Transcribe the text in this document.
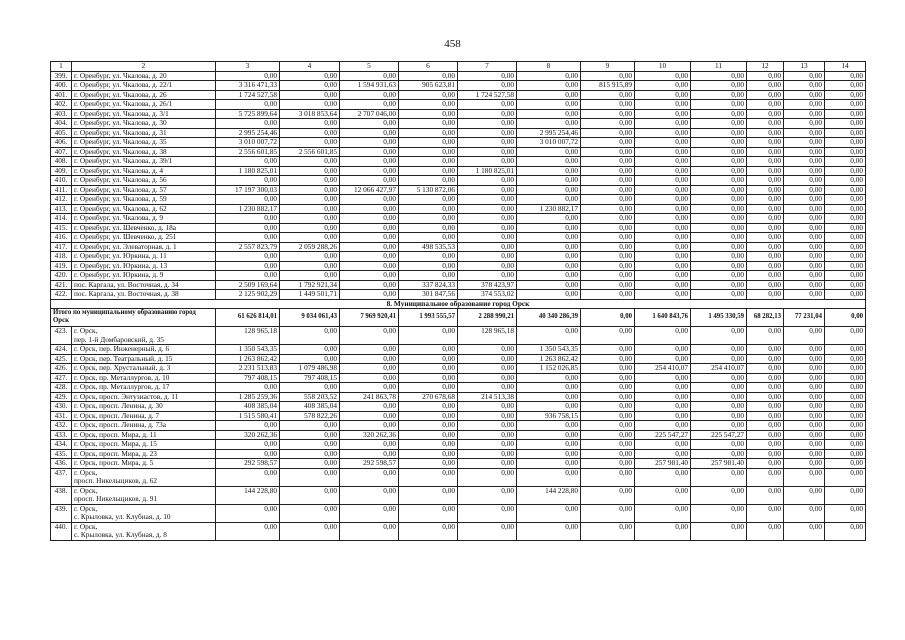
458
1	2	3	4	5	6	7	8	9	10	11	12	13	14
399.	г. Оренбург, ул. Чкалова, д. 20	0,00	0,00	0,00	0,00	0,00	0,00	0,00	0,00	0,00	0,00	0,00	0,00
400.	г. Оренбург, ул. Чкалова, д. 22/1	3 316 471,33	0,00	1 594 931,63	905 623,81	0,00	0,00	815 915,89	0,00	0,00	0,00	0,00	0,00
401.	г. Оренбург, ул. Чкалова, д. 26	1 724 527,58	0,00	0,00	0,00	1 724 527,58	0,00	0,00	0,00	0,00	0,00	0,00	0,00
402.	г. Оренбург, ул. Чкалова, д. 26/1	0,00	0,00	0,00	0,00	0,00	0,00	0,00	0,00	0,00	0,00	0,00	0,00
403.	г. Оренбург, ул. Чкалова, д. 3/1	5 725 899,64	3 018 853,64	2 707 046,00	0,00	0,00	0,00	0,00	0,00	0,00	0,00	0,00	0,00
404.	г. Оренбург, ул. Чкалова, д. 30	0,00	0,00	0,00	0,00	0,00	0,00	0,00	0,00	0,00	0,00	0,00	0,00
405.	г. Оренбург, ул. Чкалова, д. 31	2 995 254,46	0,00	0,00	0,00	0,00	2 995 254,46	0,00	0,00	0,00	0,00	0,00	0,00
406.	г. Оренбург, ул. Чкалова, д. 35	3 010 007,72	0,00	0,00	0,00	0,00	3 010 007,72	0,00	0,00	0,00	0,00	0,00	0,00
407.	г. Оренбург, ул. Чкалова, д. 38	2 556 601,85	2 556 601,85	0,00	0,00	0,00	0,00	0,00	0,00	0,00	0,00	0,00	0,00
408.	г. Оренбург, ул. Чкалова, д. 39/1	0,00	0,00	0,00	0,00	0,00	0,00	0,00	0,00	0,00	0,00	0,00	0,00
409.	г. Оренбург, ул. Чкалова, д. 4	1 180 825,01	0,00	0,00	0,00	1 180 825,01	0,00	0,00	0,00	0,00	0,00	0,00	0,00
410.	г. Оренбург, ул. Чкалова, д. 56	0,00	0,00	0,00	0,00	0,00	0,00	0,00	0,00	0,00	0,00	0,00	0,00
411.	г. Оренбург, ул. Чкалова, д. 57	17 197 300,03	0,00	12 066 427,97	5 130 872,06	0,00	0,00	0,00	0,00	0,00	0,00	0,00	0,00
412.	г. Оренбург, ул. Чкалова, д. 59	0,00	0,00	0,00	0,00	0,00	0,00	0,00	0,00	0,00	0,00	0,00	0,00
413.	г. Оренбург, ул. Чкалова, д. 62	1 230 882,17	0,00	0,00	0,00	0,00	1 230 882,17	0,00	0,00	0,00	0,00	0,00	0,00
414.	г. Оренбург, ул. Чкалова, д. 9	0,00	0,00	0,00	0,00	0,00	0,00	0,00	0,00	0,00	0,00	0,00	0,00
415.	г. Оренбург, ул. Шевченко, д. 18а	0,00	0,00	0,00	0,00	0,00	0,00	0,00	0,00	0,00	0,00	0,00	0,00
416.	г. Оренбург, ул. Шевченко, д. 251	0,00	0,00	0,00	0,00	0,00	0,00	0,00	0,00	0,00	0,00	0,00	0,00
417.	г. Оренбург, ул. Элеваторная, д. 1	2 557 823,79	2 059 288,26	0,00	498 535,53	0,00	0,00	0,00	0,00	0,00	0,00	0,00	0,00
418.	г. Оренбург, ул. Юркина, д. 11	0,00	0,00	0,00	0,00	0,00	0,00	0,00	0,00	0,00	0,00	0,00	0,00
419.	г. Оренбург, ул. Юркина, д. 13	0,00	0,00	0,00	0,00	0,00	0,00	0,00	0,00	0,00	0,00	0,00	0,00
420.	г. Оренбург, ул. Юркина, д. 9	0,00	0,00	0,00	0,00	0,00	0,00	0,00	0,00	0,00	0,00	0,00	0,00
421.	пос. Каргала, ул. Восточная, д. 34	2 509 169,64	1 792 921,34	0,00	337 824,33	378 423,97	0,00	0,00	0,00	0,00	0,00	0,00	0,00
422.	пос. Каргала, ул. Восточная, д. 38	2 125 902,29	1 449 501,71	0,00	301 847,56	374 553,02	0,00	0,00	0,00	0,00	0,00	0,00	0,00
8. Муниципальное образование город Орск													
Итого по муниципальному образованию город Орск		61 626 814,01	9 034 061,43	7 969 920,41	1 993 555,57	2 288 990,21	40 340 286,39	0,00	1 640 843,76	1 495 330,59	68 282,13	77 231,04	0,00
423.	г. Орск,
пер. 1-й Домбаровский, д. 35	128 965,18	0,00	0,00	0,00	128 965,18	0,00	0,00	0,00	0,00	0,00	0,00	0,00
424.	г. Орск, пер. Инженерный, д. 6	1 350 543,35	0,00	0,00	0,00	0,00	1 350 543,35	0,00	0,00	0,00	0,00	0,00	0,00
425.	г. Орск, пер. Театральный, д. 15	1 263 862,42	0,00	0,00	0,00	0,00	1 263 862,42	0,00	0,00	0,00	0,00	0,00	0,00
426.	г. Орск, пер. Хрустальный, д. 3	2 231 513,83	1 079 486,98	0,00	0,00	0,00	1 152 026,85	0,00	254 410,07	254 410,07	0,00	0,00	0,00
427.	г. Орск, пр. Металлургов, д. 10	797 408,15	797 408,15	0,00	0,00	0,00	0,00	0,00	0,00	0,00	0,00	0,00	0,00
428.	г. Орск, пр. Металлургов, д. 17	0,00	0,00	0,00	0,00	0,00	0,00	0,00	0,00	0,00	0,00	0,00	0,00
429.	г. Орск, просп. Энтузиастов, д. 11	1 285 259,36	558 203,52	241 863,78	270 678,68	214 513,38	0,00	0,00	0,00	0,00	0,00	0,00	0,00
430.	г. Орск, просп. Ленина, д. 30	408 385,04	408 385,04	0,00	0,00	0,00	0,00	0,00	0,00	0,00	0,00	0,00	0,00
431.	г. Орск, просп. Ленина, д. 7	1 515 580,41	578 822,26	0,00	0,00	0,00	936 758,15	0,00	0,00	0,00	0,00	0,00	0,00
432.	г. Орск, просп. Ленина, д. 73а	0,00	0,00	0,00	0,00	0,00	0,00	0,00	0,00	0,00	0,00	0,00	0,00
433.	г. Орск, просп. Мира, д. 11	320 262,36	0,00	320 262,36	0,00	0,00	0,00	0,00	225 547,27	225 547,27	0,00	0,00	0,00
434.	г. Орск, просп. Мира, д. 15	0,00	0,00	0,00	0,00	0,00	0,00	0,00	0,00	0,00	0,00	0,00	0,00
435.	г. Орск, просп. Мира, д. 23	0,00	0,00	0,00	0,00	0,00	0,00	0,00	0,00	0,00	0,00	0,00	0,00
436.	г. Орск, просп. Мира, д. 5	292 598,57	0,00	292 598,57	0,00	0,00	0,00	0,00	257 981,40	257 981,40	0,00	0,00	0,00
437.	г. Орск,
просп. Никельщиков, д. 62	0,00	0,00	0,00	0,00	0,00	0,00	0,00	0,00	0,00	0,00	0,00	0,00
438.	г. Орск,
просп. Никельщиков, д. 91	144 228,80	0,00	0,00	0,00	0,00	144 228,80	0,00	0,00	0,00	0,00	0,00	0,00
439.	г. Орск,
с. Крыловка, ул. Клубная, д. 10	0,00	0,00	0,00	0,00	0,00	0,00	0,00	0,00	0,00	0,00	0,00	0,00
440.	г. Орск,
с. Крыловка, ул. Клубная, д. 8	0,00	0,00	0,00	0,00	0,00	0,00	0,00	0,00	0,00	0,00	0,00	0,00
